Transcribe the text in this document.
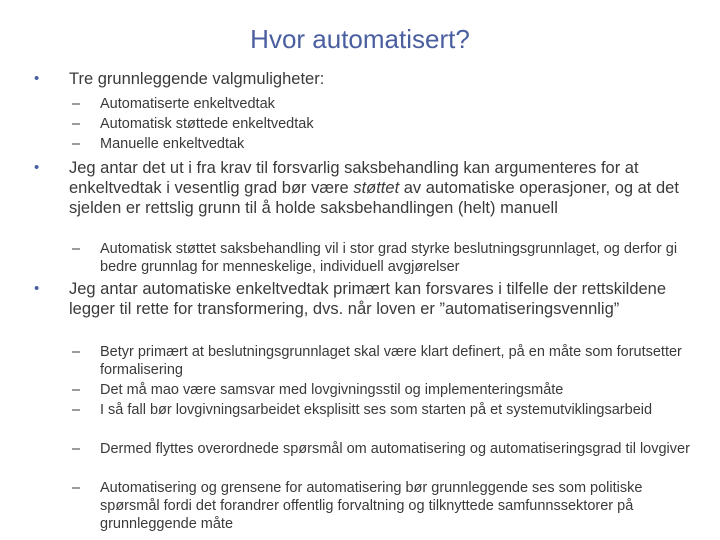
Hvor automatisert?
• Tre grunnleggende valgmuligheter:
– Automatiserte enkeltvedtak
– Automatisk støttede enkeltvedtak
– Manuelle enkeltvedtak
• Jeg antar det ut i fra krav til forsvarlig saksbehandling kan argumenteres for at enkeltvedtak i vesentlig grad bør være støttet av automatiske operasjoner, og at det sjelden er rettslig grunn til å holde saksbehandlingen (helt) manuell
– Automatisk støttet saksbehandling vil i stor grad styrke beslutningsgrunnlaget, og derfor gi bedre grunnlag for menneskelige, individuell avgjørelser
• Jeg antar automatiske enkeltvedtak primært kan forsvares i tilfelle der rettskildene legger til rette for transformering, dvs. når loven er ”automatiseringsvennlig”
– Betyr primært at beslutningsgrunnlaget skal være klart definert, på en måte som forutsetter formalisering
– Det må mao være samsvar med lovgivningsstil og implementeringsmåte
– I så fall bør lovgivningsarbeidet eksplisitt ses som starten på et systemutviklingsarbeid
– Dermed flyttes overordnede spørsmål om automatisering og automatiseringsgrad til lovgiver
– Automatisering og grensene for automatisering bør grunnleggende ses som politiske spørsmål fordi det forandrer offentlig forvaltning og tilknyttede samfunnssektorer på grunnleggende måte
